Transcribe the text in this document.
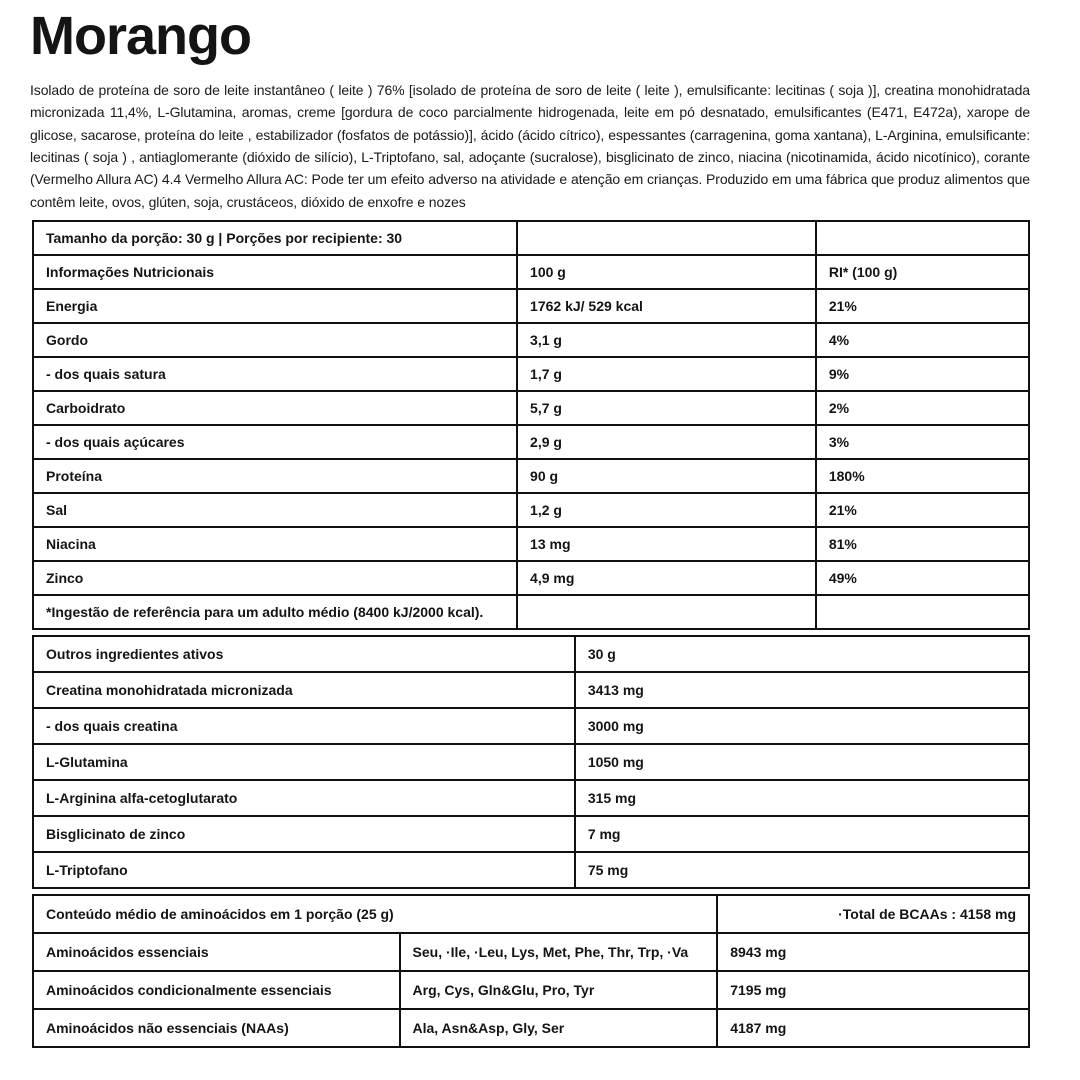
Morango

Isolado de proteína de soro de leite instantâneo ( leite ) 76% [isolado de proteína de soro de leite ( leite ), emulsificante: lecitinas ( soja )], creatina monohidratada micronizada 11,4%, L-Glutamina, aromas, creme [gordura de coco parcialmente hidrogenada, leite em pó desnatado, emulsificantes (E471, E472a), xarope de glicose, sacarose, proteína do leite , estabilizador (fosfatos de potássio)], ácido (ácido cítrico), espessantes (carragenina, goma xantana), L-Arginina, emulsificante: lecitinas ( soja ) , antiaglomerante (dióxido de silício), L-Triptofano, sal, adoçante (sucralose), bisglicinato de zinco, niacina (nicotinamida, ácido nicotínico), corante (Vermelho Allura AC) 4.4 Vermelho Allura AC: Pode ter um efeito adverso na atividade e atenção em crianças. Produzido em uma fábrica que produz alimentos que contêm leite, ovos, glúten, soja, crustáceos, dióxido de enxofre e nozes

Tamanho da porção: 30 g | Porções por recipiente: 30		
Informações Nutricionais	100 g	RI* (100 g)
Energia	1762 kJ/ 529 kcal	21%
Gordo	3,1 g	4%
- dos quais satura	1,7 g	9%
Carboidrato	5,7 g	2%
- dos quais açúcares	2,9 g	3%
Proteína	90 g	180%
Sal	1,2 g	21%
Niacina	13 mg	81%
Zinco	4,9 mg	49%
*Ingestão de referência para um adulto médio (8400 kJ/2000 kcal).		
Outros ingredientes ativos	30 g
Creatina monohidratada micronizada	3413 mg
- dos quais creatina	3000 mg
L-Glutamina	1050 mg
L-Arginina alfa-cetoglutarato	315 mg
Bisglicinato de zinco	7 mg
L-Triptofano	75 mg
Conteúdo médio de aminoácidos em 1 porção (25 g)		·Total de BCAAs : 4158 mg
Aminoácidos essenciais	Seu, ·Ile, ·Leu, Lys, Met, Phe, Thr, Trp, ·Va	8943 mg
Aminoácidos condicionalmente essenciais	Arg, Cys, Gln&Glu, Pro, Tyr	7195 mg
Aminoácidos não essenciais (NAAs)	Ala, Asn&Asp, Gly, Ser	4187 mg
